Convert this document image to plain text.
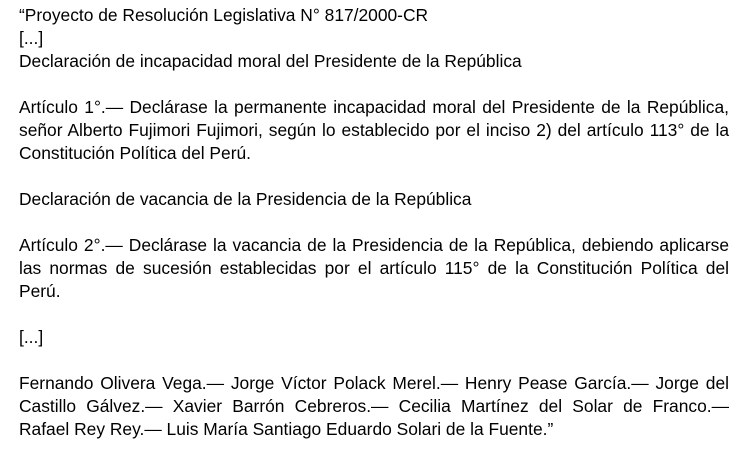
“Proyecto de Resolución Legislativa N° 817/2000-CR
[...]
Declaración de incapacidad moral del Presidente de la República
Artículo 1°.— Declárase la permanente incapacidad moral del Presidente de la República, señor Alberto Fujimori Fujimori, según lo establecido por el inciso 2) del artículo 113° de la Constitución Política del Perú.
Declaración de vacancia de la Presidencia de la República
Artículo 2°.— Declárase la vacancia de la Presidencia de la República, debiendo aplicarse las normas de sucesión establecidas por el artículo 115° de la Constitución Política del Perú.
[...]
Fernando Olivera Vega.— Jorge Víctor Polack Merel.— Henry Pease García.— Jorge del Castillo Gálvez.— Xavier Barrón Cebreros.— Cecilia Martínez del Solar de Franco.— Rafael Rey Rey.— Luis María Santiago Eduardo Solari de la Fuente.”
